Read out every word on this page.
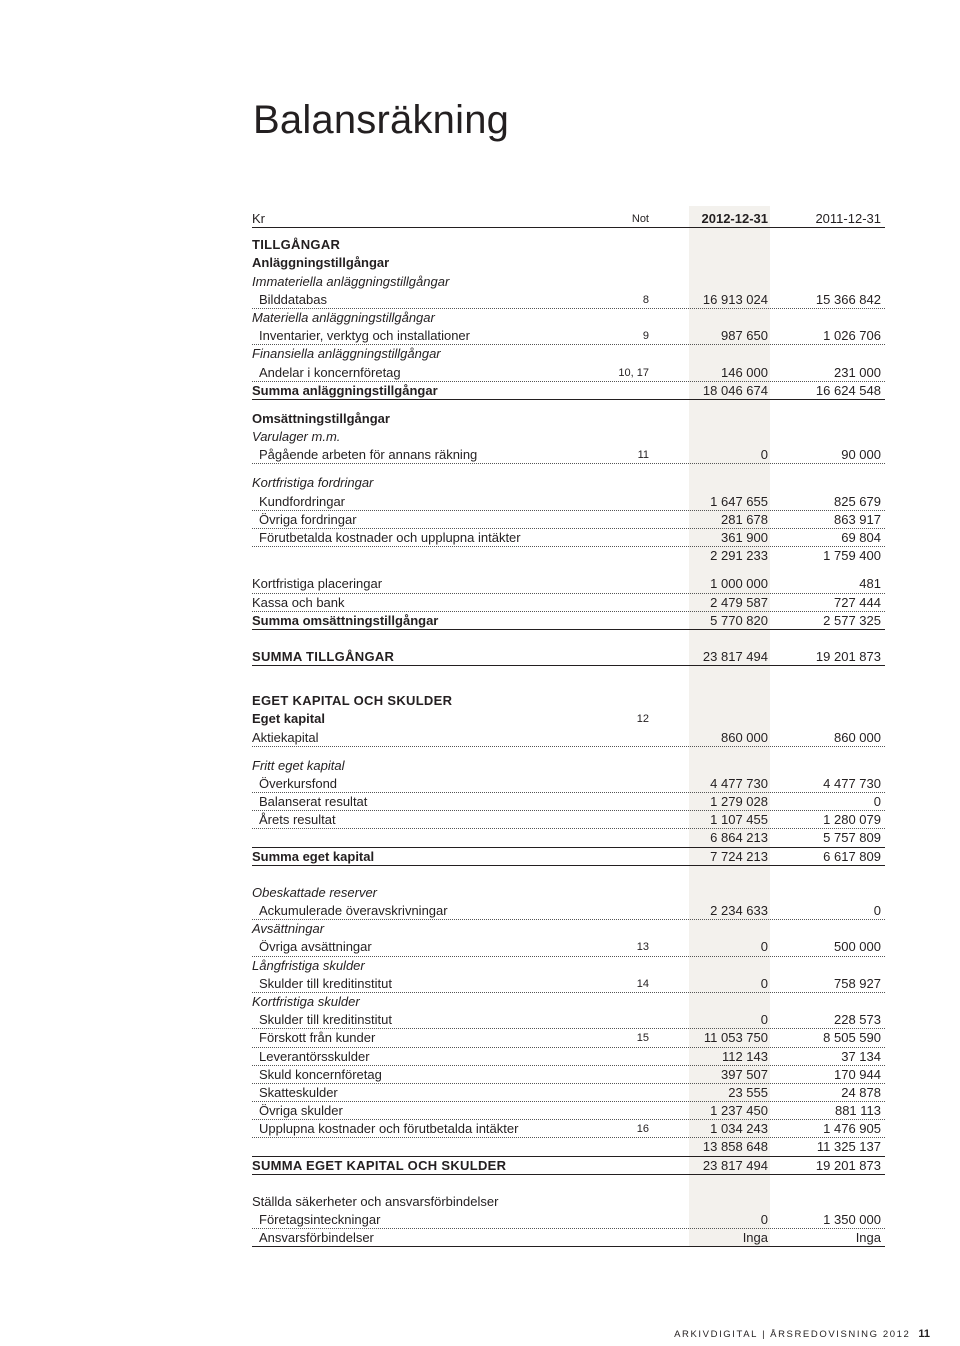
Balansräkning
Kr	Not	2012-12-31	2011-12-31
TILLGÅNGAR
Anläggningstillgångar
Immateriella anläggningstillgångar
Bilddatabas	8	16 913 024	15 366 842
Materiella anläggningstillgångar
Inventarier, verktyg och installationer	9	987 650	1 026 706
Finansiella anläggningstillgångar
Andelar i koncernföretag	10, 17	146 000	231 000
Summa anläggningstillgångar	18 046 674	16 624 548
Omsättningstillgångar
Varulager m.m.
Pågående arbeten för annans räkning	11	0	90 000
Kortfristiga fordringar
Kundfordringar	1 647 655	825 679
Övriga fordringar	281 678	863 917
Förutbetalda kostnader och upplupna intäkter	361 900	69 804
2 291 233	1 759 400
Kortfristiga placeringar	1 000 000	481
Kassa och bank	2 479 587	727 444
Summa omsättningstillgångar	5 770 820	2 577 325
SUMMA TILLGÅNGAR	23 817 494	19 201 873
EGET KAPITAL OCH SKULDER
Eget kapital	12
Aktiekapital	860 000	860 000
Fritt eget kapital
Överkursfond	4 477 730	4 477 730
Balanserat resultat	1 279 028	0
Årets resultat	1 107 455	1 280 079
6 864 213	5 757 809
Summa eget kapital	7 724 213	6 617 809
Obeskattade reserver
Ackumulerade överavskrivningar	2 234 633	0
Avsättningar
Övriga avsättningar	13	0	500 000
Långfristiga skulder
Skulder till kreditinstitut	14	0	758 927
Kortfristiga skulder
Skulder till kreditinstitut	0	228 573
Förskott från kunder	15	11 053 750	8 505 590
Leverantörsskulder	112 143	37 134
Skuld koncernföretag	397 507	170 944
Skatteskulder	23 555	24 878
Övriga skulder	1 237 450	881 113
Upplupna kostnader och förutbetalda intäkter	16	1 034 243	1 476 905
13 858 648	11 325 137
SUMMA EGET KAPITAL OCH SKULDER	23 817 494	19 201 873
Ställda säkerheter och ansvarsförbindelser
Företagsinteckningar	0	1 350 000
Ansvarsförbindelser	Inga	Inga
ARKIVDIGITAL | ÅRSREDOVISNING 2012 11
